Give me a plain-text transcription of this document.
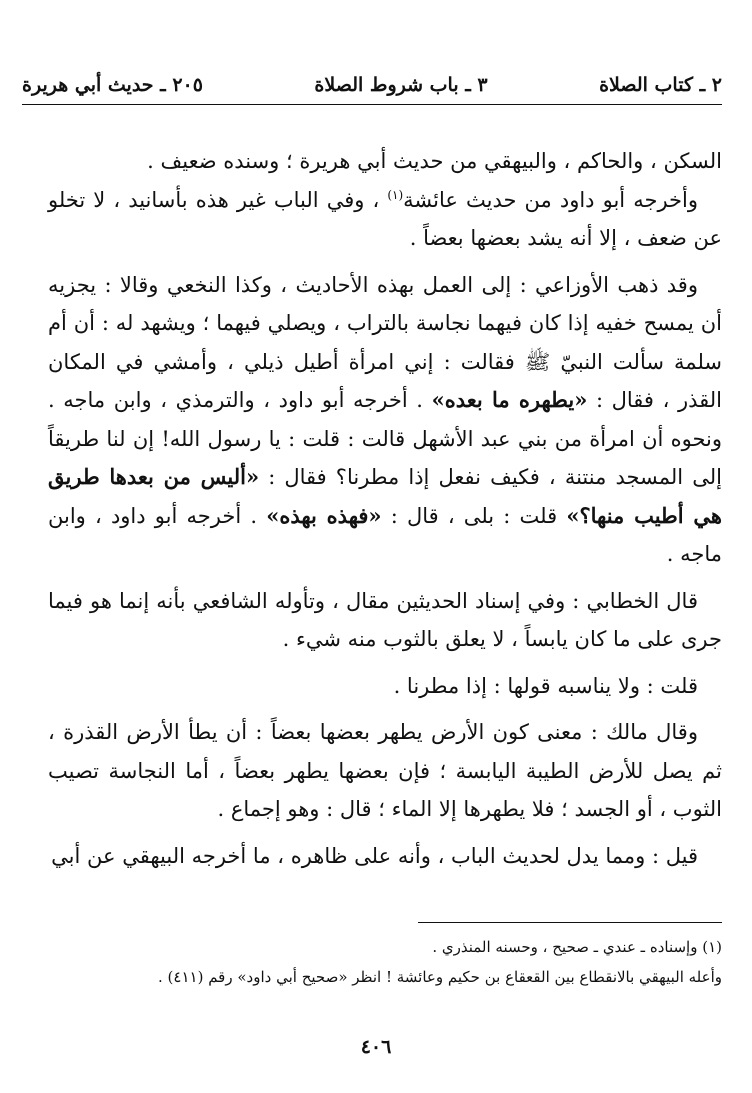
٢ ـ كتاب الصلاة
٣ ـ باب شروط الصلاة
٢٠٥ ـ حديث أبي هريرة

السكن ، والحاكم ، والبيهقي من حديث أبي هريرة ؛ وسنده ضعيف .

وأخرجه أبو داود من حديث عائشة$^{(١)}$ ، وفي الباب غير هذه بأسانيد ، لا تخلو عن ضعف ، إلا أنه يشد بعضها بعضاً .

وقد ذهب الأوزاعي : إلى العمل بهذه الأحاديث ، وكذا النخعي وقالا : يجزيه أن يمسح خفيه إذا كان فيهما نجاسة بالتراب ، ويصلي فيهما ؛ ويشهد له : أن أم سلمة سألت النبيّ ﷺ فقالت : إني امرأة أطيل ذيلي ، وأمشي في المكان القذر ، فقال : «يطهره ما بعده» . أخرجه أبو داود ، والترمذي ، وابن ماجه . ونحوه أن امرأة من بني عبد الأشهل قالت : قلت : يا رسول الله! إن لنا طريقاً إلى المسجد منتنة ، فكيف نفعل إذا مطرنا؟ فقال : «أليس من بعدها طريق هي أطيب منها؟» قلت : بلى ، قال : «فهذه بهذه» . أخرجه أبو داود ، وابن ماجه .

قال الخطابي : وفي إسناد الحديثين مقال ، وتأوله الشافعي بأنه إنما هو فيما جرى على ما كان يابساً ، لا يعلق بالثوب منه شيء .

قلت : ولا يناسبه قولها : إذا مطرنا .

وقال مالك : معنى كون الأرض يطهر بعضها بعضاً : أن يطأ الأرض القذرة ، ثم يصل للأرض الطيبة اليابسة ؛ فإن بعضها يطهر بعضاً ، أما النجاسة تصيب الثوب ، أو الجسد ؛ فلا يطهرها إلا الماء ؛ قال : وهو إجماع .

قيل : ومما يدل لحديث الباب ، وأنه على ظاهره ، ما أخرجه البيهقي عن أبي

(١) وإسناده ـ عندي ـ صحيح ، وحسنه المنذري .

وأعله البيهقي بالانقطاع بين القعقاع بن حكيم وعائشة ! انظر «صحيح أبي داود» رقم (٤١١) .

٤٠٦
